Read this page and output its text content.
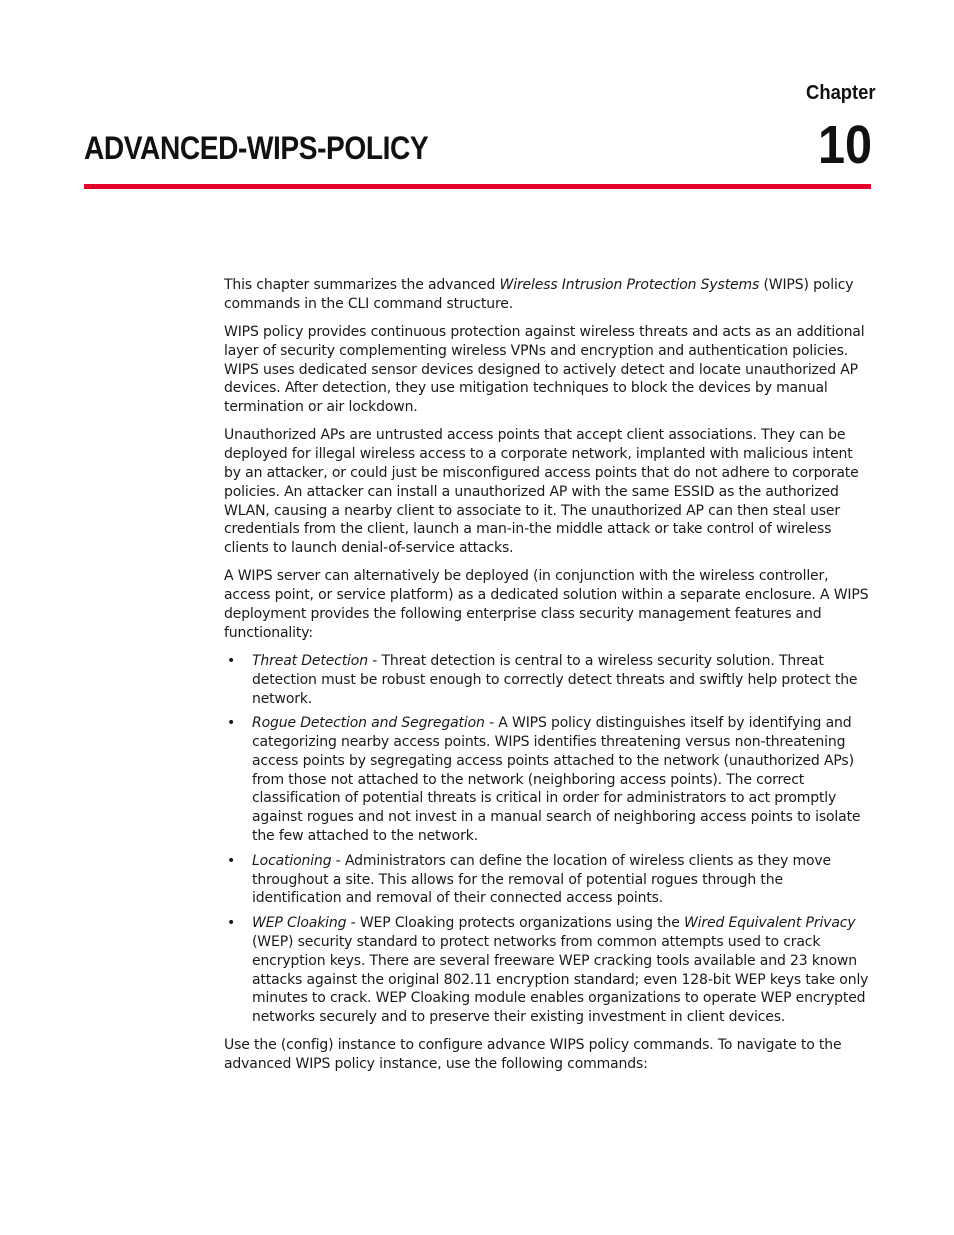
Chapter
ADVANCED-WIPS-POLICY	10

This chapter summarizes the advanced Wireless Intrusion Protection Systems (WIPS) policy commands in the CLI command structure.

WIPS policy provides continuous protection against wireless threats and acts as an additional layer of security complementing wireless VPNs and encryption and authentication policies. WIPS uses dedicated sensor devices designed to actively detect and locate unauthorized AP devices. After detection, they use mitigation techniques to block the devices by manual termination or air lockdown.

Unauthorized APs are untrusted access points that accept client associations. They can be deployed for illegal wireless access to a corporate network, implanted with malicious intent by an attacker, or could just be misconfigured access points that do not adhere to corporate policies. An attacker can install a unauthorized AP with the same ESSID as the authorized WLAN, causing a nearby client to associate to it. The unauthorized AP can then steal user credentials from the client, launch a man-in-the middle attack or take control of wireless clients to launch denial-of-service attacks.

A WIPS server can alternatively be deployed (in conjunction with the wireless controller, access point, or service platform) as a dedicated solution within a separate enclosure. A WIPS deployment provides the following enterprise class security management features and functionality:

• Threat Detection - Threat detection is central to a wireless security solution. Threat detection must be robust enough to correctly detect threats and swiftly help protect the network.
• Rogue Detection and Segregation - A WIPS policy distinguishes itself by identifying and categorizing nearby access points. WIPS identifies threatening versus non-threatening access points by segregating access points attached to the network (unauthorized APs) from those not attached to the network (neighboring access points). The correct classification of potential threats is critical in order for administrators to act promptly against rogues and not invest in a manual search of neighboring access points to isolate the few attached to the network.
• Locationing - Administrators can define the location of wireless clients as they move throughout a site. This allows for the removal of potential rogues through the identification and removal of their connected access points.
• WEP Cloaking - WEP Cloaking protects organizations using the Wired Equivalent Privacy (WEP) security standard to protect networks from common attempts used to crack encryption keys. There are several freeware WEP cracking tools available and 23 known attacks against the original 802.11 encryption standard; even 128-bit WEP keys take only minutes to crack. WEP Cloaking module enables organizations to operate WEP encrypted networks securely and to preserve their existing investment in client devices.

Use the (config) instance to configure advance WIPS policy commands. To navigate to the advanced WIPS policy instance, use the following commands:
